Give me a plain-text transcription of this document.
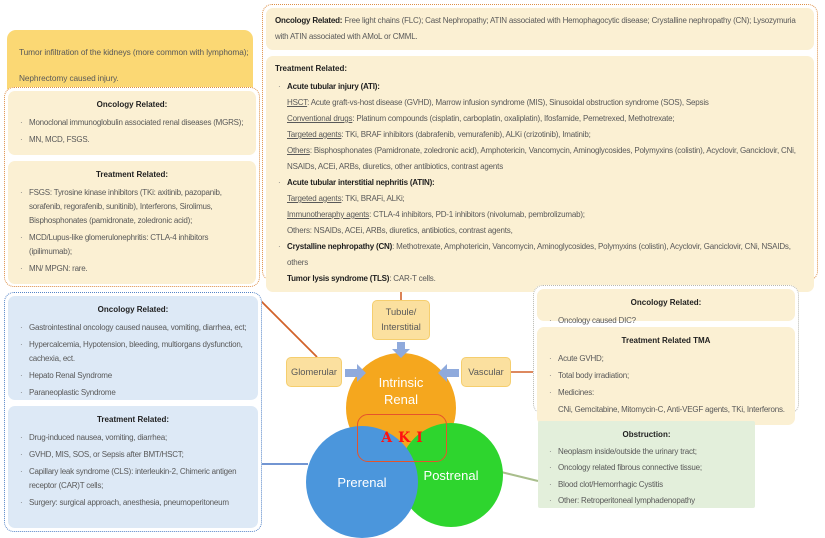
Tumor infiltration of the kidneys (more common with lymphoma);
Nephrectomy caused injury.
Oncology Related:
· Monoclonal immunoglobulin associated renal diseases (MGRS);
· MN, MCD, FSGS.
Treatment Related:
· FSGS: Tyrosine kinase inhibitors (TKi: axitinib, pazopanib, sorafenib, regorafenib, sunitinib), Interferons, Sirolimus, Bisphosphonates (pamidronate, zoledronic acid);
· MCD/Lupus-like glomerulonephritis: CTLA-4 inhibitors (ipilimumab);
· MN/ MPGN: rare.
Oncology Related: Free light chains (FLC); Cast Nephropathy; ATIN associated with Hemophagocytic disease; Crystalline nephropathy (CN); Lysozymuria with ATIN associated with AMoL or CMML.
Treatment Related:
· Acute tubular injury (ATI):
HSCT: Acute graft-vs-host disease (GVHD), Marrow infusion syndrome (MIS), Sinusoidal obstruction syndrome (SOS), Sepsis
Conventional drugs: Platinum compounds (cisplatin, carboplatin, oxaliplatin), Ifosfamide, Pemetrexed, Methotrexate;
Targeted agents: TKi, BRAF inhibitors (dabrafenib, vemurafenib), ALKi (crizotinib), Imatinib;
Others: Bisphosphonates (Pamidronate, zoledronic acid), Amphotericin, Vancomycin, Aminoglycosides, Polymyxins (colistin), Acyclovir, Ganciclovir, CNi, NSAIDs, ACEi, ARBs, diuretics, other antibiotics, contrast agents
· Acute tubular interstitial nephritis (ATIN):
Targeted agents: TKi, BRAFi, ALKi;
Immunotheraphy agents: CTLA-4 inhibitors, PD-1 inhibitors (nivolumab, pembrolizumab);
Others: NSAIDs, ACEi, ARBs, diuretics, antibiotics, contrast agents,
· Crystalline nephropathy (CN): Methotrexate, Amphotericin, Vancomycin, Aminoglycosides, Polymyxins (colistin), Acyclovir, Ganciclovir, CNi, NSAIDs, others
Tumor lysis syndrome (TLS): CAR-T cells.
Oncology Related:
· Gastrointestinal oncology caused nausea, vomiting, diarrhea, ect;
· Hypercalcemia, Hypotension, bleeding, multiorgans dysfunction, cachexia, ect.
· Hepato Renal Syndrome
· Paraneoplastic Syndrome
Treatment Related:
· Drug-induced nausea, vomiting, diarrhea;
· GVHD, MIS, SOS, or Sepsis after BMT/HSCT;
· Capillary leak syndrome (CLS): interleukin-2, Chimeric antigen receptor (CAR)T cells;
· Surgery: surgical approach, anesthesia, pneumoperitoneum
Oncology Related:
· Oncology caused DIC?
Treatment Related TMA
· Acute GVHD;
· Total body irradiation;
· Medicines:
CNi, Gemcitabine, Mitomycin-C, Anti-VEGF agents, TKi, Interferons.
Obstruction:
· Neoplasm inside/outside the urinary tract;
· Oncology related fibrous connective tissue;
· Blood clot/Hemorrhagic Cystitis
· Other: Retroperitoneal lymphadenopathy
Intrinsic
Renal
Postrenal
Prerenal
AKI
Tubule/
Interstitial
Glomerular	Vascular
